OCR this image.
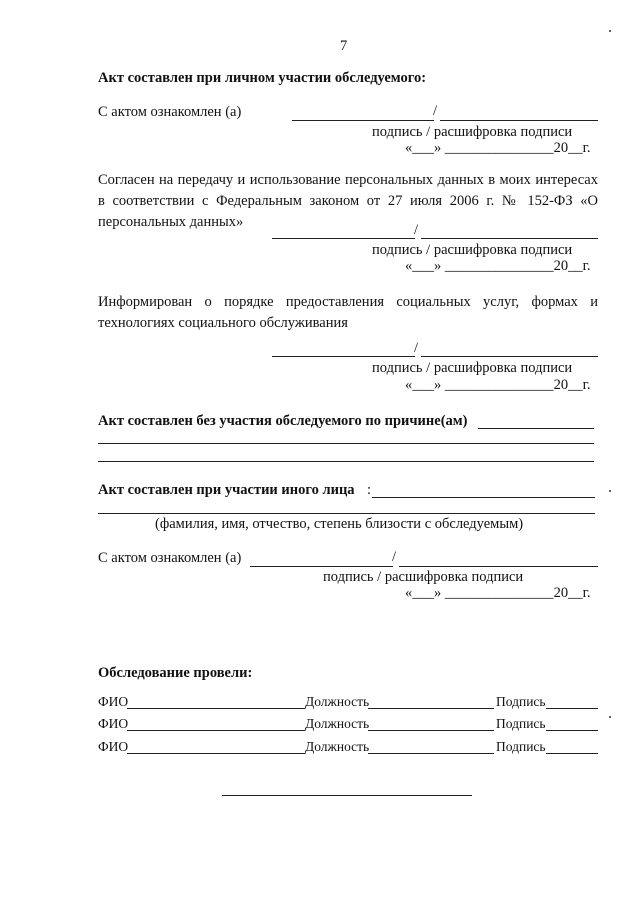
7
Акт составлен при личном участии обследуемого:
С актом ознакомлен (а)	/
подпись / расшифровка подписи
«___» _______________20__г.
Согласен на передачу и использование персональных данных в моих интересах в соответствии с Федеральным законом от 27 июля 2006 г. № 152-ФЗ «О персональных данных»	/
подпись / расшифровка подписи
«___» _______________20__г.
Информирован о порядке предоставления социальных услуг, формах и технологиях социального обслуживания
/
подпись / расшифровка подписи
«___» _______________20__г.
Акт составлен без участия обследуемого по причине(ам)
Акт составлен при участии иного лица :
(фамилия, имя, отчество, степень близости с обследуемым)
С актом ознакомлен (а)	/
подпись / расшифровка подписи
«___» _______________20__г.
Обследование провели:
ФИО	Должность	Подпись
ФИО	Должность	Подпись
ФИО	Должность	Подпись
